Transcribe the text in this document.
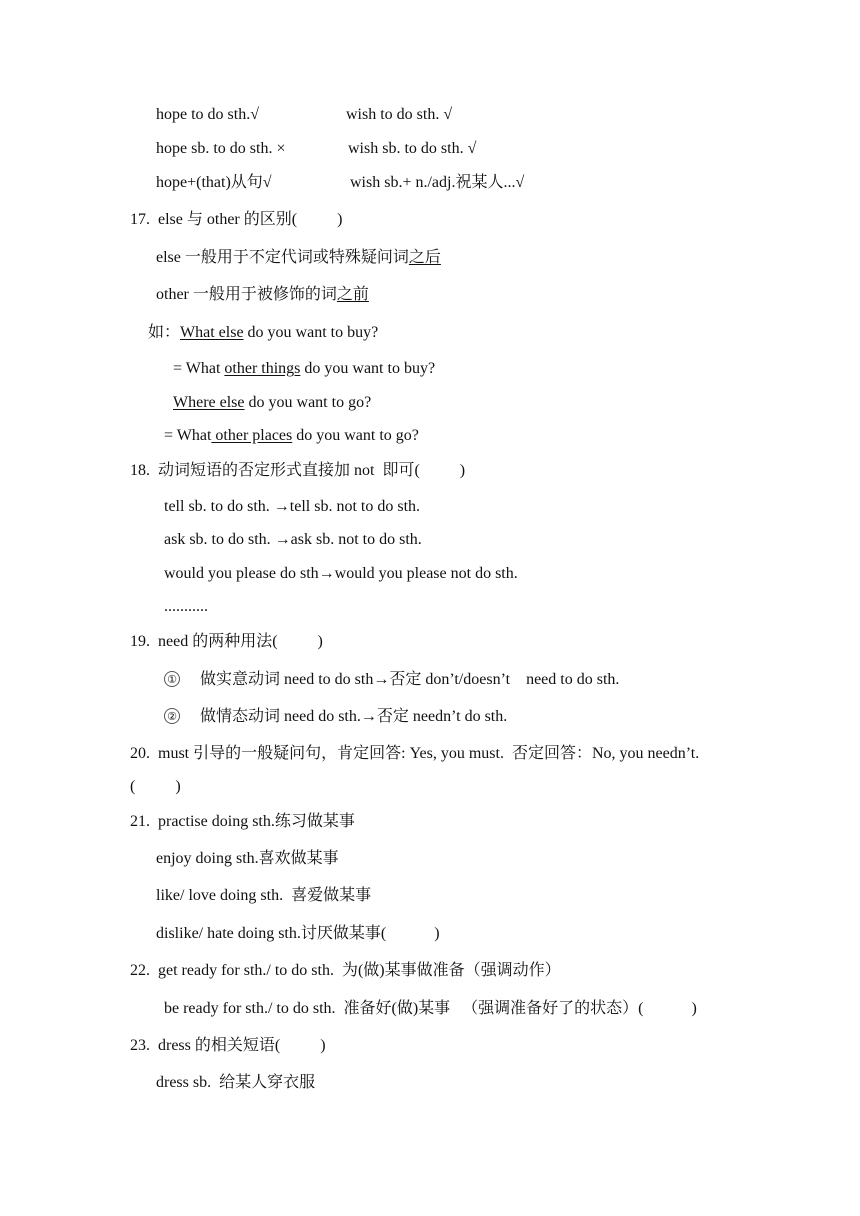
hope to do sth.√	wish to do sth. √
hope sb. to do sth. ×	wish sb. to do sth. √
hope+(that)从句√	wish sb.+ n./adj.祝某人...√
17.  else 与 other 的区别(          )
else 一般用于不定代词或特殊疑问词之后
other 一般用于被修饰的词之前
如：What else do you want to buy?
= What other things do you want to buy?
Where else do you want to go?
= What other places do you want to go?
18.  动词短语的否定形式直接加 not  即可(          )
tell sb. to do sth. →tell sb. not to do sth.
ask sb. to do sth. →ask sb. not to do sth.
would you please do sth→would you please not do sth.
...........
19.  need 的两种用法(          )
① 做实意动词 need to do sth→否定 don’t/doesn’t    need to do sth.
② 做情态动词 need do sth.→否定 needn’t do sth.
20.  must 引导的一般疑问句，肯定回答: Yes, you must.  否定回答：No, you needn’t.
(          )
21.  practise doing sth.练习做某事
enjoy doing sth.喜欢做某事
like/ love doing sth.  喜爱做某事
dislike/ hate doing sth.讨厌做某事(            )
22.  get ready for sth./ to do sth.  为(做)某事做准备（强调动作）
be ready for sth./ to do sth.  准备好(做)某事   （强调准备好了的状态）(            )
23.  dress 的相关短语(          )
dress sb.  给某人穿衣服
